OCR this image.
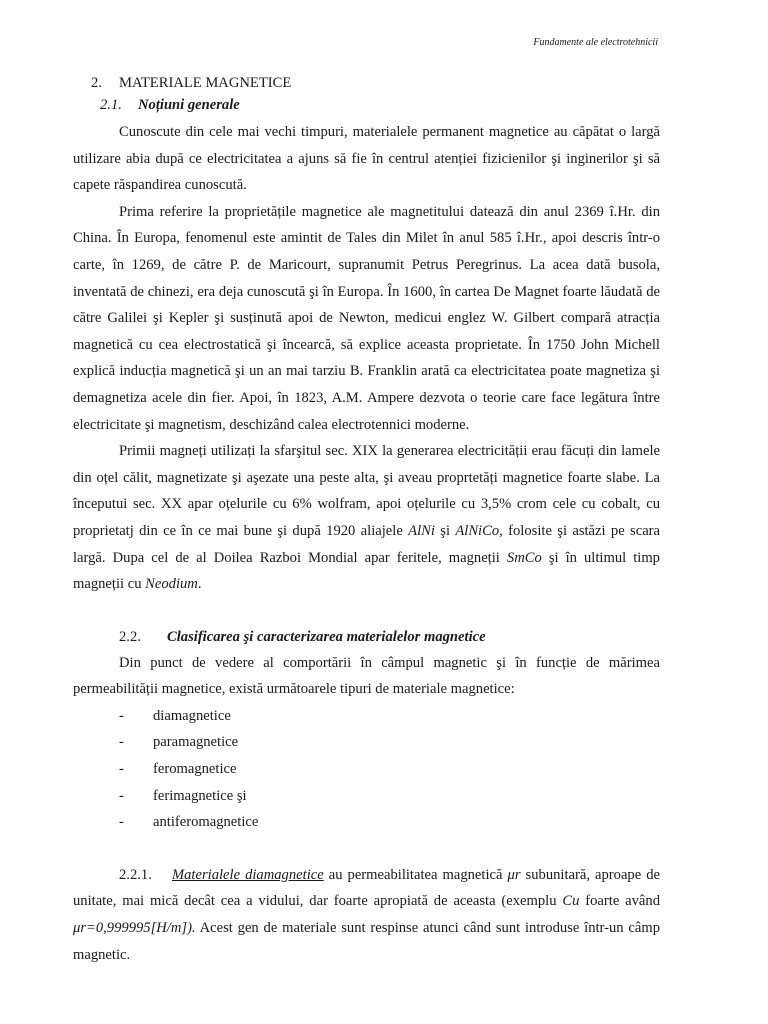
Fundamente ale electrotehnicii
2. MATERIALE MAGNETICE
2.1. Noțiuni generale

Cunoscute din cele mai vechi timpuri, materialele permanent magnetice au căpătat o largă utilizare abia după ce electricitatea a ajuns să fie în centrul atenției fizicienilor şi inginerilor şi să capete răspandirea cunoscută.

Prima referire la proprietățile magnetice ale magnetitului datează din anul 2369 î.Hr. din China. În Europa, fenomenul este amintit de Tales din Milet în anul 585 î.Hr., apoi descris într-o carte, în 1269, de către P. de Maricourt, supranumit Petrus Peregrinus. La acea dată busola, inventată de chinezi, era deja cunoscută şi în Europa. În 1600, în cartea De Magnet foarte lăudată de către Galilei şi Kepler şi susținută apoi de Newton, medicui englez W. Gilbert compară atracția magnetică cu cea electrostatică şi încearcă, să explice aceasta proprietate. În 1750 John Michell explică inducția magnetică şi un an mai tarziu B. Franklin arată ca electricitatea poate magnetiza şi demagnetiza acele din fier. Apoi, în 1823, A.M. Ampere dezvota o teorie care face legătura între electricitate şi magnetism, deschizând calea electrotennici moderne.

Primii magneți utilizați la sfarşitul sec. XIX la generarea electricității erau făcuți din lamele din oțel călit, magnetizate şi aşezate una peste alta, şi aveau proprtetăți magnetice foarte slabe. La începutui sec. XX apar oțelurile cu 6% wolfram, apoi oțelurile cu 3,5% crom cele cu cobalt, cu proprietatj din ce în ce mai bune şi după 1920 aliajele AlNi şi AlNiCo, folosite şi astăzi pe scara largă. Dupa cel de al Doilea Razboi Mondial apar feritele, magneții SmCo şi în ultimul timp magneții cu Neodium.

2.2. Clasificarea şi caracterizarea materialelor magnetice

Din punct de vedere al comportării în câmpul magnetic şi în funcție de mărimea permeabilității magnetice, există următoarele tipuri de materiale magnetice:

- diamagnetice
- paramagnetice
- feromagnetice
- ferimagnetice şi
- antiferomagnetice

2.2.1. Materialele diamagnetice au permeabilitatea magnetică μr subunitară, aproape de unitate, mai mică decât cea a vidului, dar foarte apropiată de aceasta (exemplu Cu foarte având μr=0,999995[H/m]). Acest gen de materiale sunt respinse atunci când sunt introduse într-un câmp magnetic.
